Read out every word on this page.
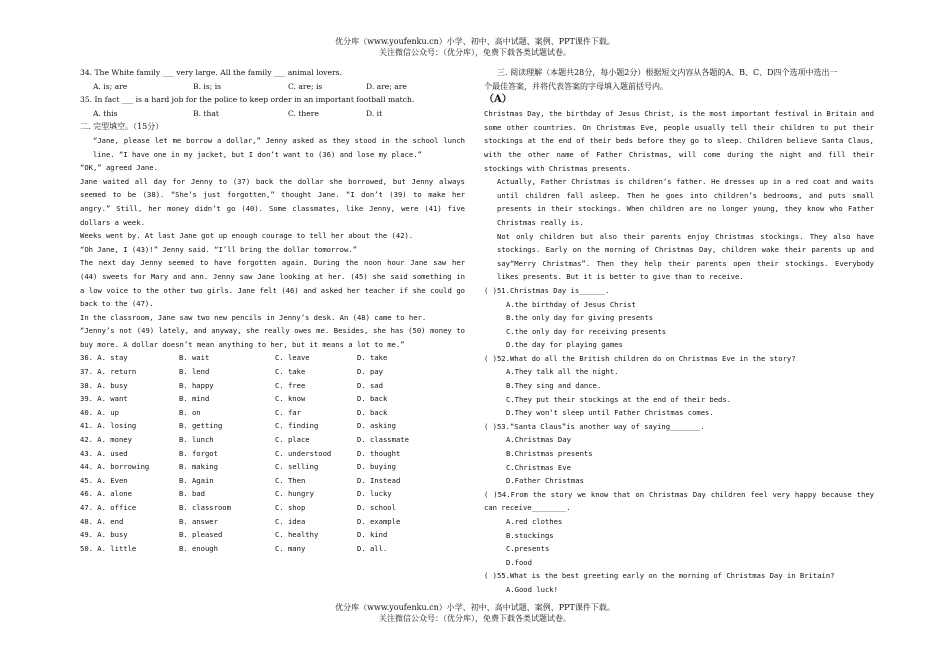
优分库（www.youfenku.cn）小学、初中、高中试题、案例、PPT课件下载。
关注微信公众号：（优分库），免费下载各类试题试卷。
34. The White family ___ very large. All the family ___ animal lovers.
A. is; are	B. is; is	C. are; is	D. are; are
35. In fact ___ is a hard job for the police to keep order in an important football match.
A. this	B. that	C. there	D. it
二. 完型填空。（15分）
“Jane, please let me borrow a dollar,” Jenny asked as they stood in the school lunch line. “I have one in my jacket, but I don’t want to (36) and lose my place.”
“OK,” agreed Jane.
Jane waited all day for Jenny to (37) back the dollar she borrowed, but Jenny always seemed to be (38). “She’s just forgotten,” thought Jane. “I don’t (39) to make her angry.” Still, her money didn’t go (40). Some classmates, like Jenny, were (41) five dollars a week.
Weeks went by. At last Jane got up enough courage to tell her about the (42).
“Oh Jane, I (43)!” Jenny said. “I’ll bring the dollar tomorrow.”
The next day Jenny seemed to have forgotten again. During the noon hour Jane saw her (44) sweets for Mary and ann. Jenny saw Jane looking at her. (45) she said something in a low voice to the other two girls. Jane felt (46) and asked her teacher if she could go back to the (47).
In the classroom, Jane saw two new pencils in Jenny’s desk. An (48) came to her.
“Jenny’s not (49) lately, and anyway, she really owes me. Besides, she has (50) money to buy more. A dollar doesn’t mean anything to her, but it means a lot to me.”
36. A. stay	B. wait	C. leave	D. take
37. A. return	B. lend	C. take	D. pay
38. A. busy	B. happy	C. free	D. sad
39. A. want	B. mind	C. know	D. back
40. A. up	B. on	C. far	D. back
41. A. losing	B. getting	C. finding	D. asking
42. A. money	B. lunch	C. place	D. classmate
43. A. used	B. forgot	C. understood	D. thought
44. A. borrowing	B. making	C. selling	D. buying
45. A. Even	B. Again	C. Then	D. Instead
46. A. alone	B. bad	C. hungry	D. lucky
47. A. office	B. classroom	C. shop	D. school
48. A. end	B. answer	C. idea	D. example
49. A. busy	B. pleased	C. healthy	D. kind
50. A. little	B. enough	C. many	D. all.
三. 阅读理解（本题共28分，每小题2分）根据短文内容从各题的A、B、C、D四个选项中选出一
个最佳答案，并将代表答案的字母填入题前括号内。
（A）
Christmas Day, the birthday of Jesus Christ, is the most important festival in Britain and some other countries. On Christmas Eve, people usually tell their children to put their stockings at the end of their beds before they go to sleep. Children believe Santa Claus, with the other name of Father Christmas, will come during the night and fill their stockings with Christmas presents.
Actually, Father Christmas is children‘s father. He dresses up in a red coat and waits until children fall asleep. Then he goes into children’s bedrooms, and puts small presents in their stockings. When children are no longer young, they know who Father Christmas really is.
Not only children but also their parents enjoy Christmas stockings. They also have stockings. Early on the morning of Christmas Day, children wake their parents up and say“Merry Christmas”. Then they help their parents open their stockings. Everybody likes presents. But it is better to give than to receive.
( )51.Christmas Day is______.
A.the birthday of Jesus Christ
B.the only day for giving presents
C.the only day for receiving presents
D.the day for playing games
( )52.What do all the British children do on Christmas Eve in the story?
A.They talk all the night.
B.They sing and dance.
C.They put their stockings at the end of their beds.
D.They won‘t sleep until Father Christmas comes.
( )53.“Santa Claus”is another way of saying_______.
A.Christmas Day
B.Christmas presents
C.Christmas Eve
D.Father Christmas
( )54.From the story we know that on Christmas Day children feel very happy because they can receive________.
A.red clothes
B.stockings
C.presents
D.food
( )55.What is the best greeting early on the morning of Christmas Day in Britain?
A.Good luck!
优分库（www.youfenku.cn）小学、初中、高中试题、案例、PPT课件下载。
关注微信公众号：（优分库），免费下载各类试题试卷。
